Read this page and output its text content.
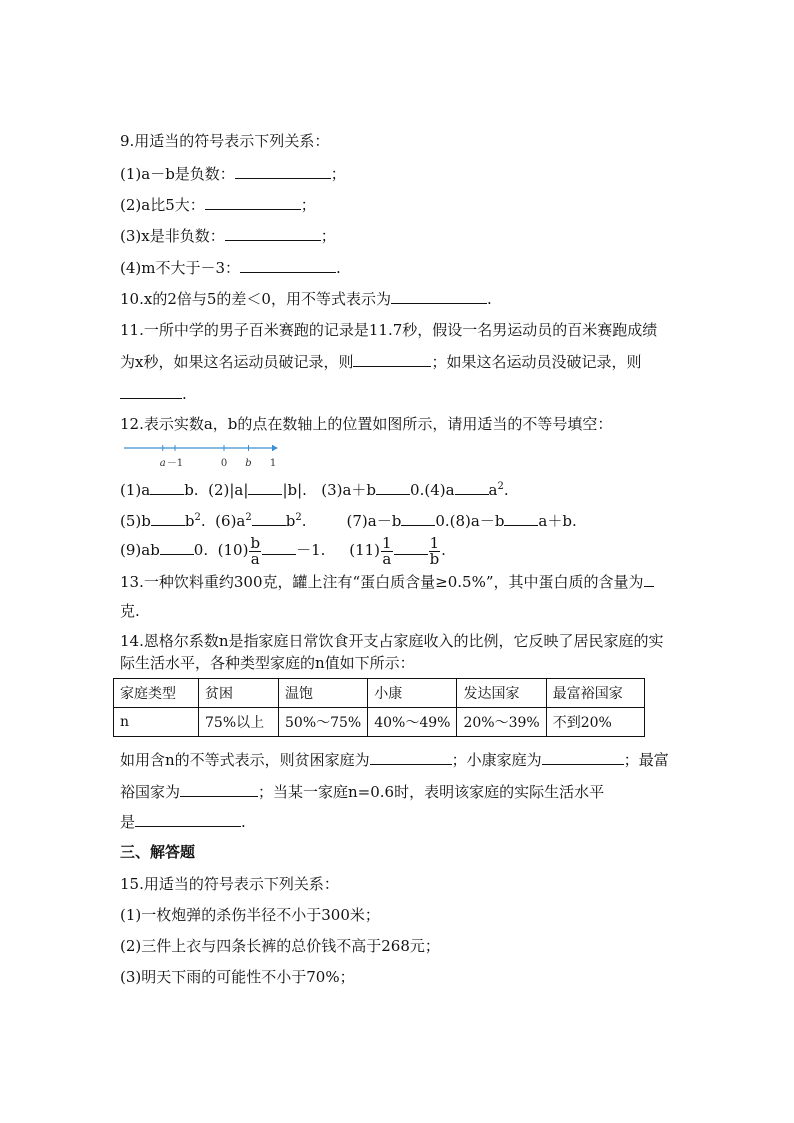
9.用适当的符号表示下列关系：
(1)a－b是负数：	；
(2)a比5大：	；
(3)x是非负数：	；
(4)m不大于－3：	.
10.x的2倍与5的差＜0，用不等式表示为	.
11.一所中学的男子百米赛跑的记录是11.7秒，假设一名男运动员的百米赛跑成绩
为x秒，如果这名运动员破记录，则	；如果这名运动员没破记录，则
.
12.表示实数a，b的点在数轴上的位置如图所示，请用适当的不等号填空：
a －1	0 b 1
(1)a b. (2)|a| |b|. (3)a＋b 0.(4)a $a^2$.
(5)b $b^2$. $(6)a^2$ $b^2$.	(7)a－b 0.(8)a－b a＋b.
(9)ab 0. $(10) \frac{b}{a} -1$. $(11) \frac{1}{a} \frac{1}{b}$ .
13.一种饮料重约300克，罐上注有“蛋白质含量≥0.5%”，其中蛋白质的含量为
克.
14.恩格尔系数n是指家庭日常饮食开支占家庭收入的比例，它反映了居民家庭的实
际生活水平，各种类型家庭的n值如下所示：
家庭类型	贫困	温饱	小康	发达国家	最富裕国家
n	75%以上	50%～75%	40%～49%	20%～39%	不到20%
如用含n的不等式表示，则贫困家庭为	；小康家庭为	；最富
裕国家为	；当某一家庭n=0.6时，表明该家庭的实际生活水平
是	.
三、解答题
15.用适当的符号表示下列关系：
(1)一枚炮弹的杀伤半径不小于300米；
(2)三件上衣与四条长裤的总价钱不高于268元；
(3)明天下雨的可能性不小于70%；
